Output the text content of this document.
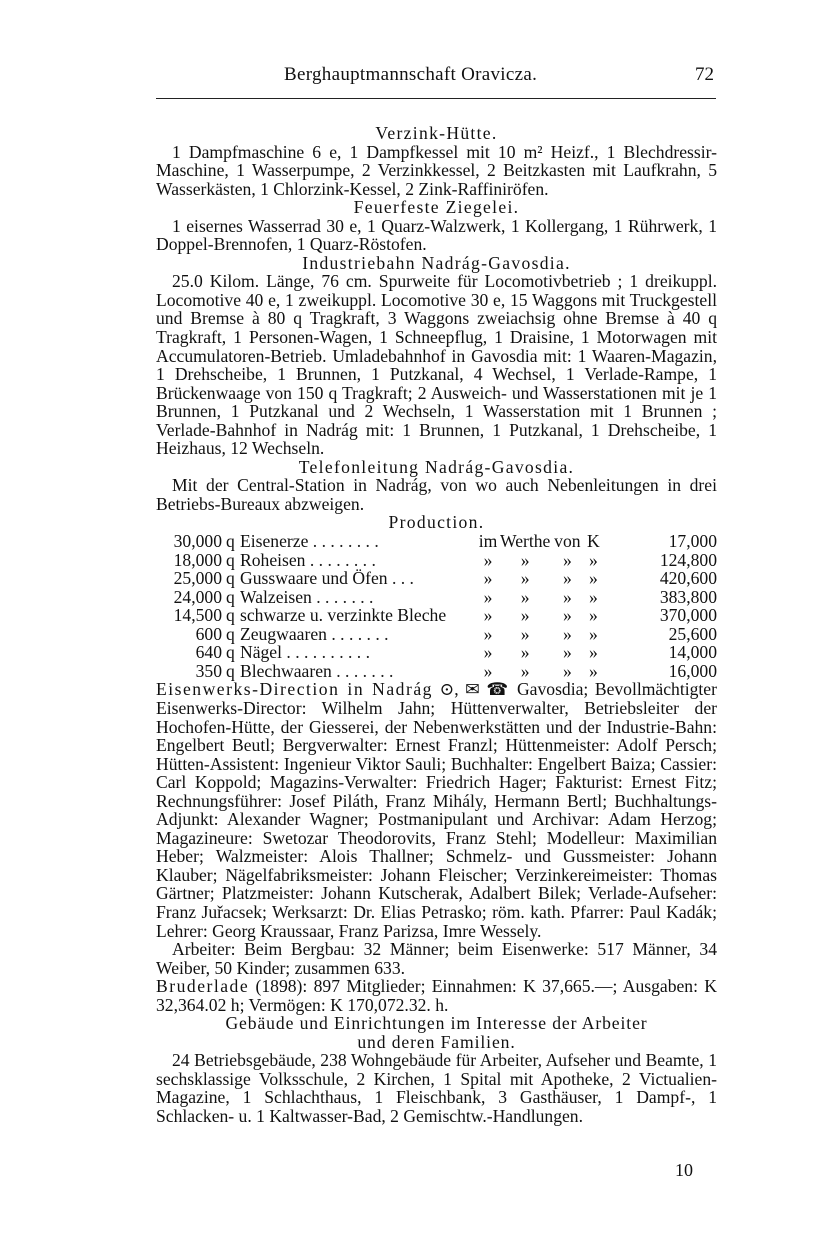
Berghauptmannschaft Oravicza.	72

Verzink-Hütte.

1 Dampfmaschine 6 e, 1 Dampfkessel mit 10 m² Heizf., 1 Blechdressir-Maschine, 1 Wasserpumpe, 2 Verzinkkessel, 2 Beitzkasten mit Laufkrahn, 5 Wasserkästen, 1 Chlorzink-Kessel, 2 Zink-Raffiniröfen.

Feuerfeste Ziegelei.

1 eisernes Wasserrad 30 e, 1 Quarz-Walzwerk, 1 Kollergang, 1 Rührwerk, 1 Doppel-Brennofen, 1 Quarz-Röstofen.

Industriebahn Nadrág-Gavosdia.

25.0 Kilom. Länge, 76 cm. Spurweite für Locomotivbetrieb ; 1 dreikuppl. Locomotive 40 e, 1 zweikuppl. Locomotive 30 e, 15 Waggons mit Truckgestell und Bremse à 80 q Tragkraft, 3 Waggons zweiachsig ohne Bremse à 40 q Tragkraft, 1 Personen-Wagen, 1 Schneepflug, 1 Draisine, 1 Motorwagen mit Accumulatoren-Betrieb. Umladebahnhof in Gavosdia mit: 1 Waaren-Magazin, 1 Drehscheibe, 1 Brunnen, 1 Putzkanal, 4 Wechsel, 1 Verlade-Rampe, 1 Brückenwaage von 150 q Tragkraft; 2 Ausweich- und Wasserstationen mit je 1 Brunnen, 1 Putzkanal und 2 Wechseln, 1 Wasserstation mit 1 Brunnen ; Verlade-Bahnhof in Nadrág mit: 1 Brunnen, 1 Putzkanal, 1 Drehscheibe, 1 Heizhaus, 12 Wechseln.

Telefonleitung Nadrág-Gavosdia.

Mit der Central-Station in Nadrág, von wo auch Nebenleitungen in drei Betriebs-Bureaux abzweigen.

Production.

30,000	q	Eisenerze . . . . . . . .	im	Werthe	von	K	17,000
18,000	q	Roheisen . . . . . . . .	»	»	»	»	124,800
25,000	q	Gusswaare und Öfen . . .	»	»	»	»	420,600
24,000	q	Walzeisen . . . . . . .	»	»	»	»	383,800
14,500	q	schwarze u. verzinkte Bleche	»	»	»	»	370,000
600	q	Zeugwaaren . . . . . . .	»	»	»	»	25,600
640	q	Nägel . . . . . . . . . .	»	»	»	»	14,000
350	q	Blechwaaren . . . . . . .	»	»	»	»	16,000

Eisenwerks-Direction in Nadrág ⊙, ✉ ☎ Gavosdia; Bevollmächtigter Eisenwerks-Director: Wilhelm Jahn; Hüttenverwalter, Betriebsleiter der Hochofen-Hütte, der Giesserei, der Nebenwerkstätten und der Industrie-Bahn: Engelbert Beutl; Bergverwalter: Ernest Franzl; Hüttenmeister: Adolf Persch; Hütten-Assistent: Ingenieur Viktor Sauli; Buchhalter: Engelbert Baiza; Cassier: Carl Koppold; Magazins-Verwalter: Friedrich Hager; Fakturist: Ernest Fitz; Rechnungsführer: Josef Piláth, Franz Mihály, Hermann Bertl; Buchhaltungs-Adjunkt: Alexander Wagner; Postmanipulant und Archivar: Adam Herzog; Magazineure: Swetozar Theodorovits, Franz Stehl; Modelleur: Maximilian Heber; Walzmeister: Alois Thallner; Schmelz- und Gussmeister: Johann Klauber; Nägelfabriksmeister: Johann Fleischer; Verzinkereimeister: Thomas Gärtner; Platzmeister: Johann Kutscherak, Adalbert Bilek; Verlade-Aufseher: Franz Juřacsek; Werksarzt: Dr. Elias Petrasko; röm. kath. Pfarrer: Paul Kadák; Lehrer: Georg Kraussaar, Franz Parizsa, Imre Wessely.

Arbeiter: Beim Bergbau: 32 Männer; beim Eisenwerke: 517 Männer, 34 Weiber, 50 Kinder; zusammen 633.

Bruderlade (1898): 897 Mitglieder; Einnahmen: K 37,665.—; Ausgaben: K 32,364.02 h; Vermögen: K 170,072.32. h.

Gebäude und Einrichtungen im Interesse der Arbeiter

und deren Familien.

24 Betriebsgebäude, 238 Wohngebäude für Arbeiter, Aufseher und Beamte, 1 sechsklassige Volksschule, 2 Kirchen, 1 Spital mit Apotheke, 2 Victualien-Magazine, 1 Schlachthaus, 1 Fleischbank, 3 Gasthäuser, 1 Dampf-, 1 Schlacken- u. 1 Kaltwasser-Bad, 2 Gemischtw.-Handlungen.

10
